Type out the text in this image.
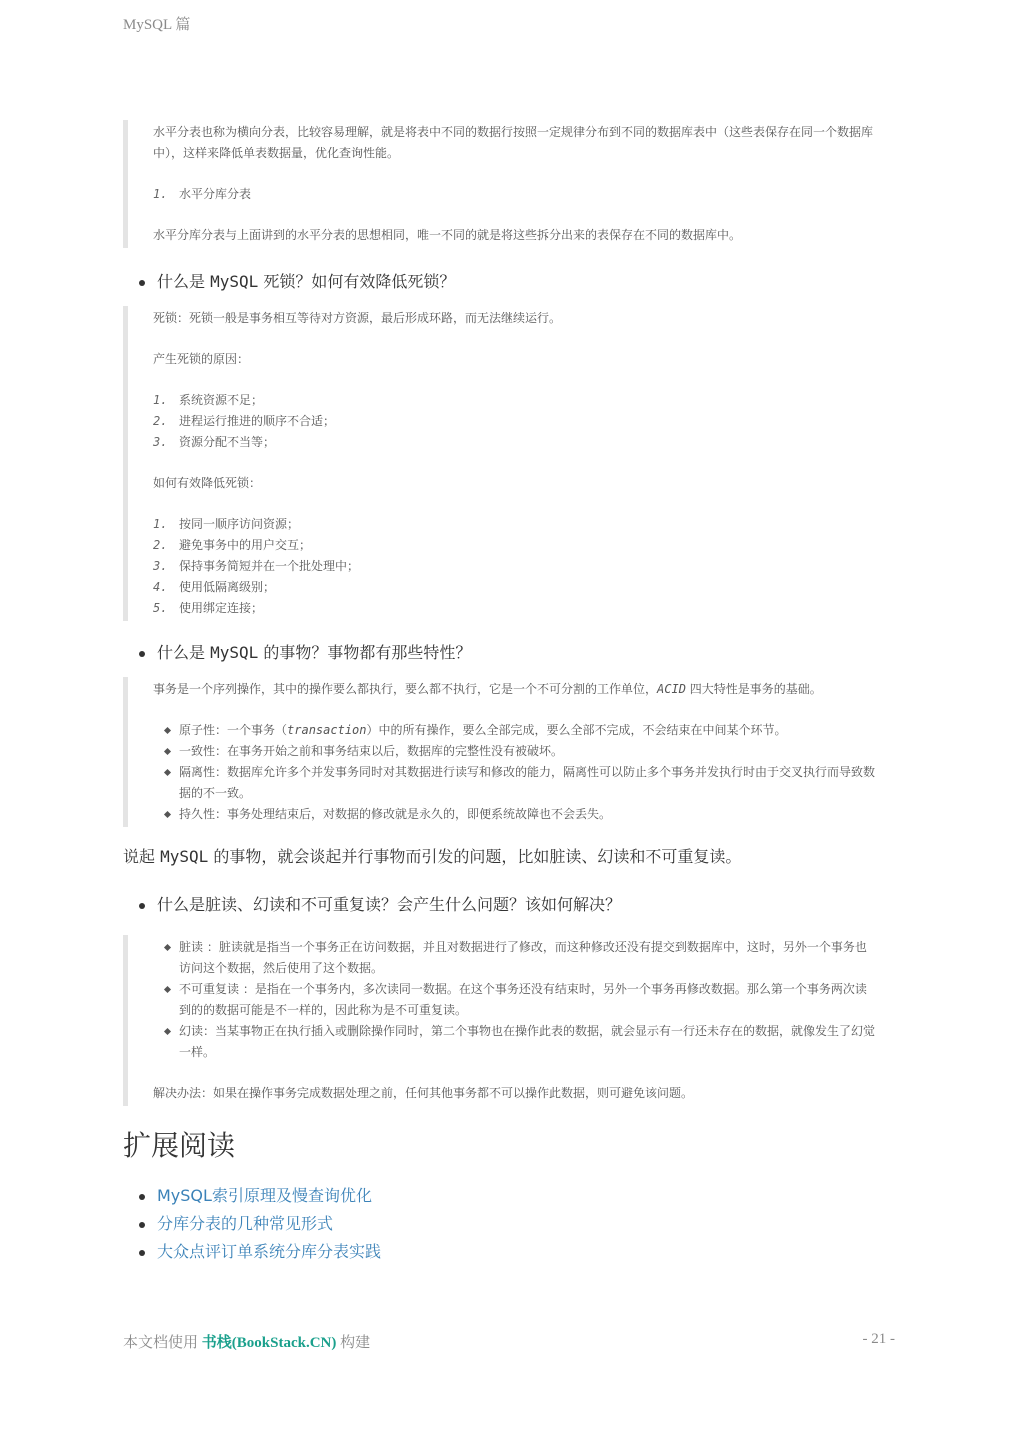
MySQL 篇

水平分表也称为横向分表，比较容易理解，就是将表中不同的数据行按照一定规律分布到不同的数据库表中（这些表保存在同一个数据库中），这样来降低单表数据量，优化查询性能。

1. 水平分库分表

水平分库分表与上面讲到的水平分表的思想相同，唯一不同的就是将这些拆分出来的表保存在不同的数据库中。

什么是 MySQL 死锁？如何有效降低死锁？

死锁：死锁一般是事务相互等待对方资源，最后形成环路，而无法继续运行。

产生死锁的原因：

1. 系统资源不足；
2. 进程运行推进的顺序不合适；
3. 资源分配不当等；

如何有效降低死锁：

1. 按同一顺序访问资源；
2. 避免事务中的用户交互；
3. 保持事务简短并在一个批处理中；
4. 使用低隔离级别；
5. 使用绑定连接；
什么是 MySQL 的事物？事物都有那些特性？

事务是一个序列操作，其中的操作要么都执行，要么都不执行，它是一个不可分割的工作单位，ACID 四大特性是事务的基础。

原子性：一个事务（transaction）中的所有操作，要么全部完成，要么全部不完成，不会结束在中间某个环节。
一致性：在事务开始之前和事务结束以后，数据库的完整性没有被破坏。
隔离性：数据库允许多个并发事务同时对其数据进行读写和修改的能力，隔离性可以防止多个事务并发执行时由于交叉执行而导致数据的不一致。
持久性：事务处理结束后，对数据的修改就是永久的，即便系统故障也不会丢失。
说起 MySQL 的事物，就会谈起并行事物而引发的问题，比如脏读、幻读和不可重复读。
什么是脏读、幻读和不可重复读？会产生什么问题？该如何解决？
脏读 ：脏读就是指当一个事务正在访问数据，并且对数据进行了修改，而这种修改还没有提交到数据库中，这时，另外一个事务也访问这个数据，然后使用了这个数据。
不可重复读 ：是指在一个事务内，多次读同一数据。在这个事务还没有结束时，另外一个事务再修改数据。那么第一个事务两次读到的的数据可能是不一样的，因此称为是不可重复读。
幻读：当某事物正在执行插入或删除操作同时，第二个事物也在操作此表的数据，就会显示有一行还未存在的数据，就像发生了幻觉一样。

解决办法：如果在操作事务完成数据处理之前，任何其他事务都不可以操作此数据，则可避免该问题。

扩展阅读
MySQL索引原理及慢查询优化
分库分表的几种常见形式
大众点评订单系统分库分表实践
本文档使用 书栈(BookStack.CN) 构建	- 21 -
